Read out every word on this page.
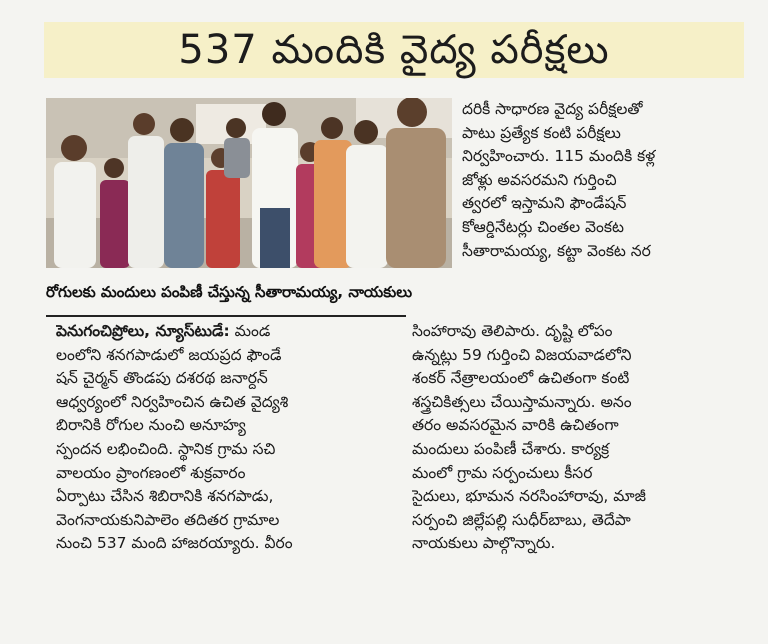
537 మందికి వైద్య పరీక్షలు
రోగులకు మందులు పంపిణీ చేస్తున్న సీతారామయ్య, నాయకులు
దరికీ సాధారణ వైద్య పరీక్షలతో
పాటు ప్రత్యేక కంటి పరీక్షలు
నిర్వహించారు. 115 మందికి కళ్ల
జోళ్లు అవసరమని గుర్తించి
త్వరలో ఇస్తామని ఫౌండేషన్
కోఆర్డినేటర్లు చింతల వెంకట
సీతారామయ్య, కట్టా వెంకట నర
పెనుగంచిప్రోలు, న్యూస్‌టుడే: మండ
లంలోని శనగపాడులో జయప్రద ఫౌండే
షన్ చైర్మన్ తొండపు దశరథ జనార్దన్
ఆధ్వర్యంలో నిర్వహించిన ఉచిత వైద్యశి
బిరానికి రోగుల నుంచి అనూహ్య
స్పందన లభించింది. స్థానిక గ్రామ సచి
వాలయం ప్రాంగణంలో శుక్రవారం
ఏర్పాటు చేసిన శిబిరానికి శనగపాడు,
వెంగనాయకునిపాలెం తదితర గ్రామాల
నుంచి 537 మంది హాజరయ్యారు. వీరం
సింహారావు తెలిపారు. దృష్టి లోపం
ఉన్నట్లు 59 గుర్తించి విజయవాడలోని
శంకర్ నేత్రాలయంలో ఉచితంగా కంటి
శస్త్రచికిత్సలు చేయిస్తామన్నారు. అనం
తరం అవసరమైన వారికి ఉచితంగా
మందులు పంపిణీ చేశారు. కార్యక్ర
మంలో గ్రామ సర్పంచులు కీసర
సైదులు, భూమన నరసింహారావు, మాజీ
సర్పంచి జిల్లేపల్లి సుధీర్‌బాబు, తెదేపా
నాయకులు పాల్గొన్నారు.
